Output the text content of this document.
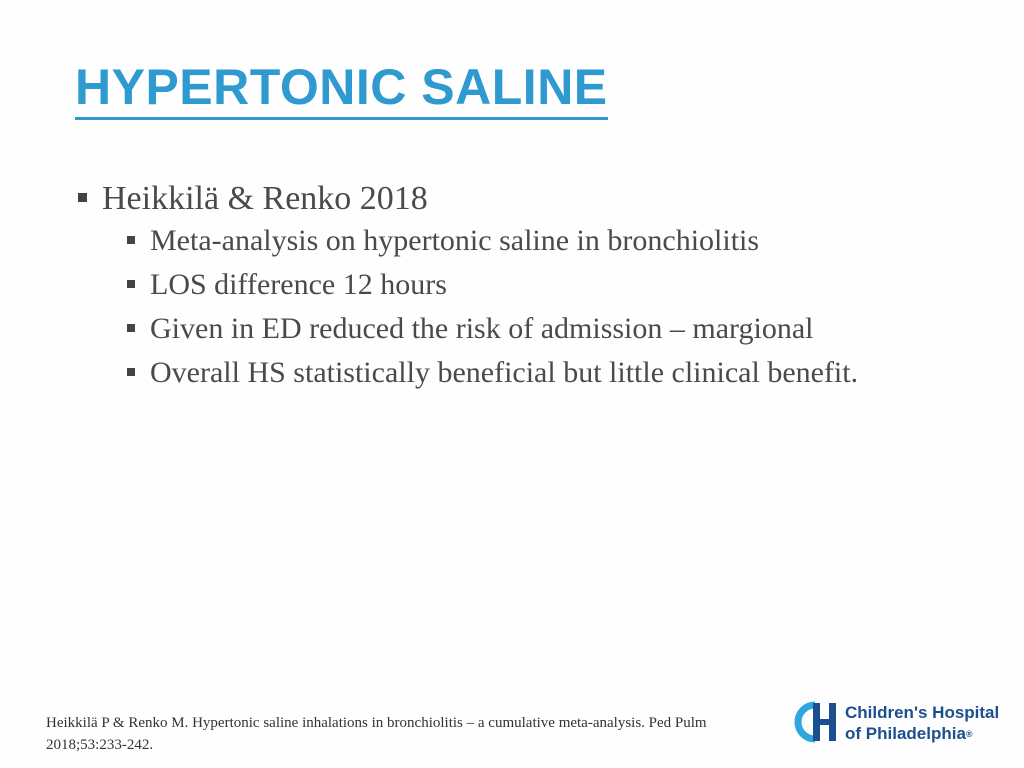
HYPERTONIC SALINE
Heikkilä & Renko 2018
Meta-analysis on hypertonic saline in bronchiolitis
LOS difference 12 hours
Given in ED reduced the risk of admission – margional
Overall HS statistically beneficial but little clinical benefit.
Heikkilä P & Renko M. Hypertonic saline inhalations in bronchiolitis – a cumulative meta-analysis. Ped Pulm 2018;53:233-242.
Children's Hospital
of Philadelphia®
